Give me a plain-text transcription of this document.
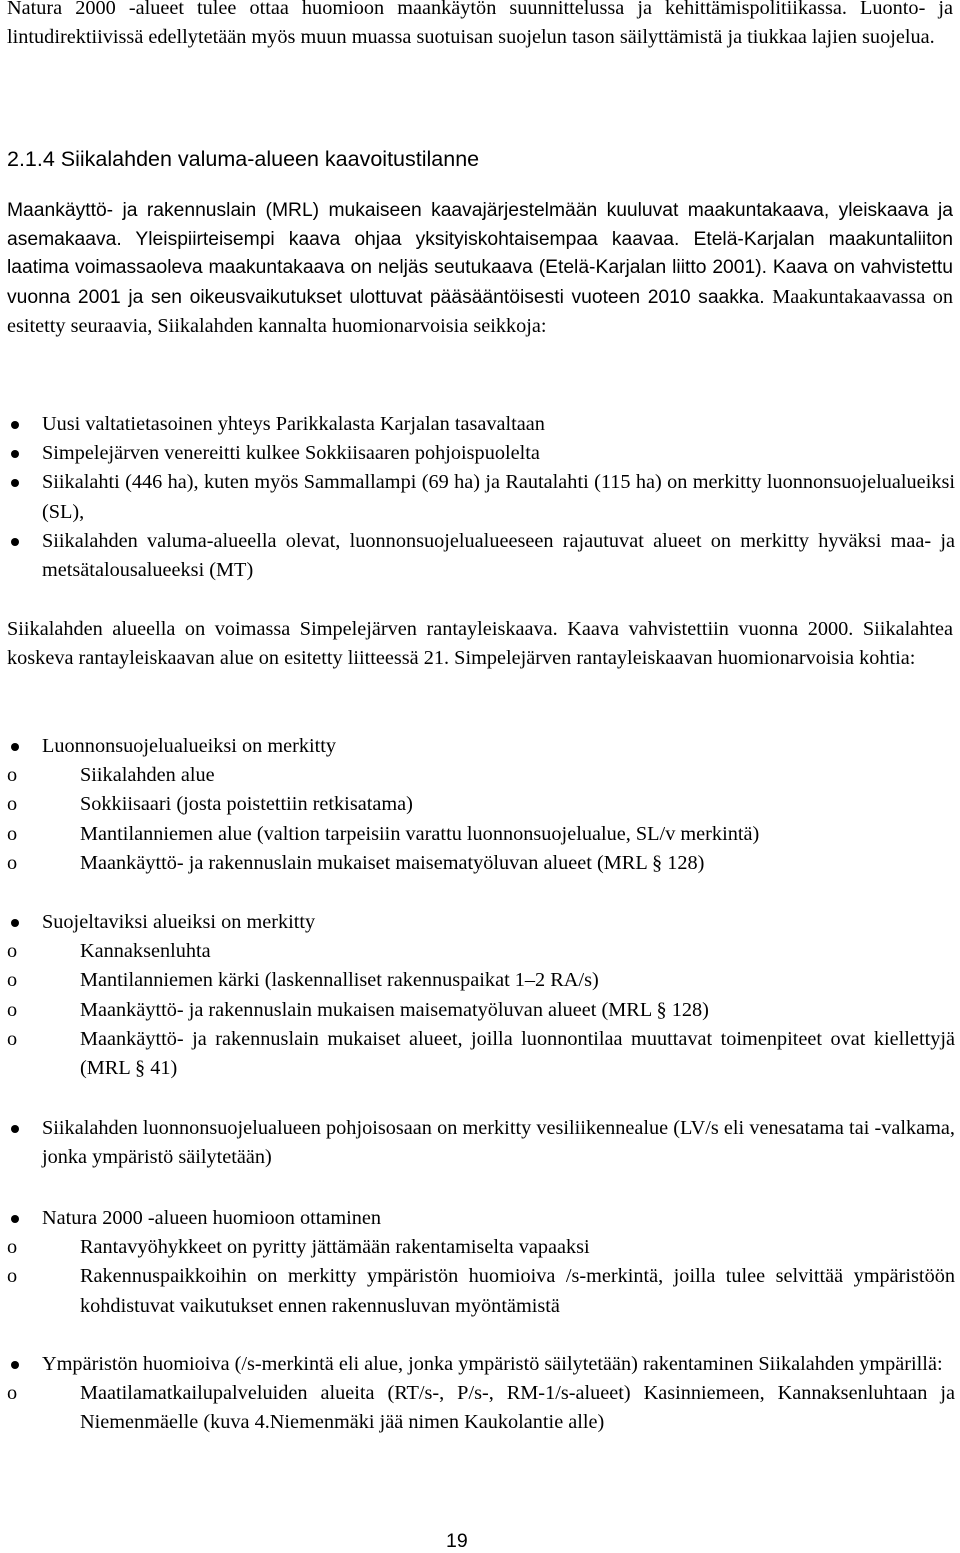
Natura 2000 -alueet tulee ottaa huomioon maankäytön suunnittelussa ja kehittämispolitiikassa. Luonto- ja lintudirektiivissä edellytetään myös muun muassa suotuisan suojelun tason säilyttämistä ja tiukkaa lajien suojelua.

2.1.4 Siikalahden valuma-alueen kaavoitustilanne

Maankäyttö- ja rakennuslain (MRL) mukaiseen kaavajärjestelmään kuuluvat maakuntakaava, yleiskaava ja asemakaava. Yleispiirteisempi kaava ohjaa yksityiskohtaisempaa kaavaa. Etelä-Karjalan maakuntaliiton laatima voimassaoleva maakuntakaava on neljäs seutukaava (Etelä-Karjalan liitto 2001). Kaava on vahvistettu vuonna 2001 ja sen oikeusvaikutukset ulottuvat pääsääntöisesti vuoteen 2010 saakka. Maakuntakaavassa on esitetty seuraavia, Siikalahden kannalta huomionarvoisia seikkoja:

Uusi valtatietasoinen yhteys Parikkalasta Karjalan tasavaltaan
Simpelejärven venereitti kulkee Sokkiisaaren pohjoispuolelta
Siikalahti (446 ha), kuten myös Sammallampi (69 ha) ja Rautalahti (115 ha) on merkitty luonnonsuojelualueiksi (SL),
Siikalahden valuma-alueella olevat, luonnonsuojelualueeseen rajautuvat alueet on merkitty hyväksi maa- ja metsätalousalueeksi (MT)

Siikalahden alueella on voimassa Simpelejärven rantayleiskaava. Kaava vahvistettiin vuonna 2000. Siikalahtea koskeva rantayleiskaavan alue on esitetty liitteessä 21. Simpelejärven rantayleiskaavan huomionarvoisia kohtia:

Luonnonsuojelualueiksi on merkitty
o	Siikalahden alue
o	Sokkiisaari (josta poistettiin retkisatama)
o	Mantilanniemen alue (valtion tarpeisiin varattu luonnonsuojelualue, SL/v merkintä)
o	Maankäyttö- ja rakennuslain mukaiset maisematyöluvan alueet (MRL § 128)
Suojeltaviksi alueiksi on merkitty
o	Kannaksenluhta
o	Mantilanniemen kärki (laskennalliset rakennuspaikat 1–2 RA/s)
o	Maankäyttö- ja rakennuslain mukaisen maisematyöluvan alueet (MRL § 128)
o	Maankäyttö- ja rakennuslain mukaiset alueet, joilla luonnontilaa muuttavat toimenpiteet ovat kiellettyjä (MRL § 41)
Siikalahden luonnonsuojelualueen pohjoisosaan on merkitty vesiliikennealue (LV/s eli venesatama tai -valkama, jonka ympäristö säilytetään)
Natura 2000 -alueen huomioon ottaminen
o	Rantavyöhykkeet on pyritty jättämään rakentamiselta vapaaksi
o	Rakennuspaikkoihin on merkitty ympäristön huomioiva /s-merkintä, joilla tulee selvittää ympäristöön kohdistuvat vaikutukset ennen rakennusluvan myöntämistä
Ympäristön huomioiva (/s-merkintä eli alue, jonka ympäristö säilytetään) rakentaminen Siikalahden ympärillä:
o	Maatilamatkailupalveluiden alueita (RT/s-, P/s-, RM-1/s-alueet) Kasinniemeen, Kannaksenluhtaan ja Niemenmäelle (kuva 4.Niemenmäki jää nimen Kaukolantie alle)
19
